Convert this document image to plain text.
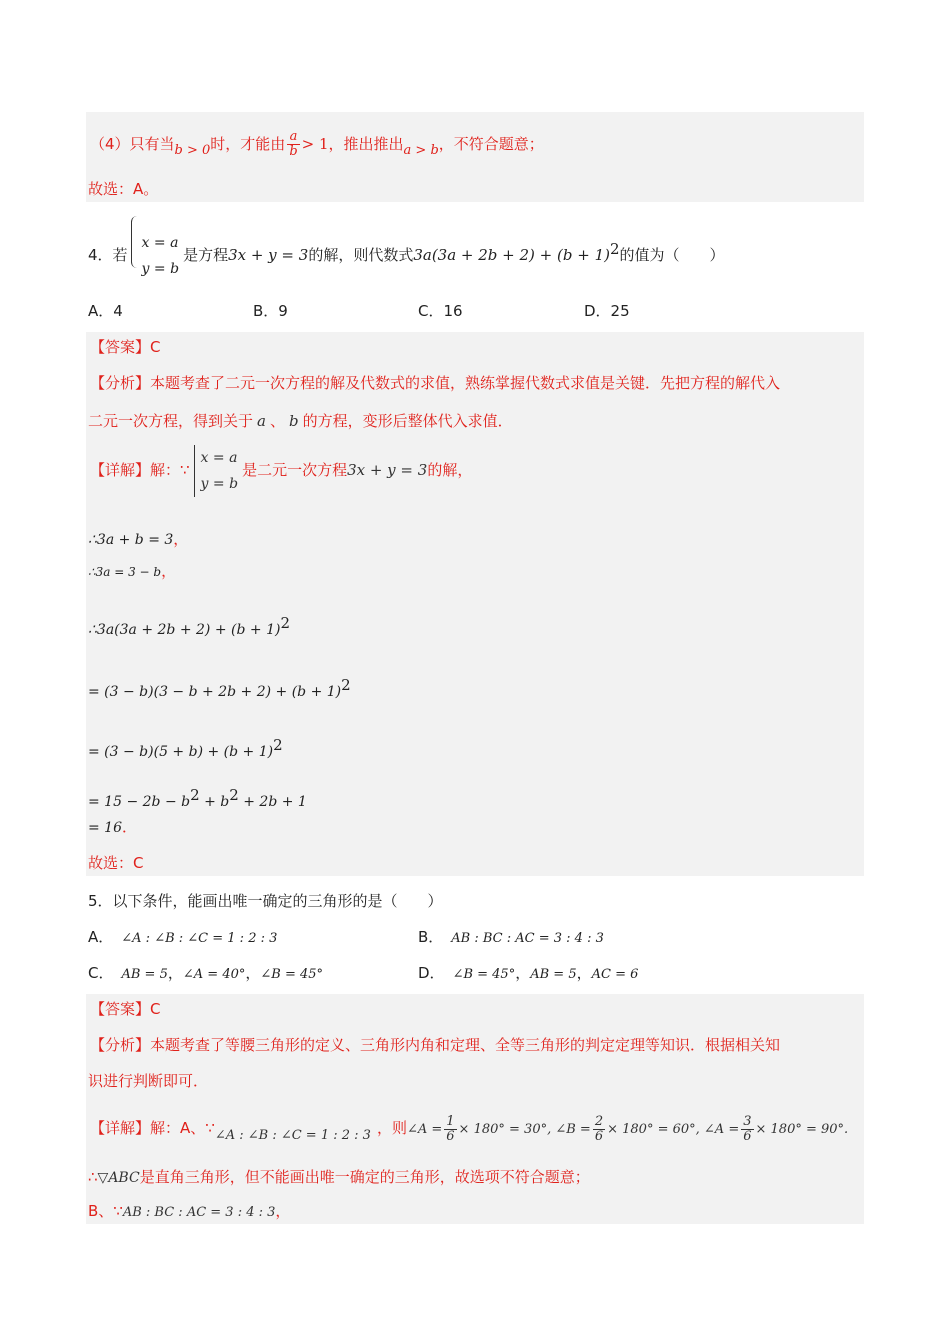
（4）只有当b > 0时，才能由 $\frac{a}{b} > 1$，推出推出a > b，不符合题意；
故选：A。
4．若
x = a
y = b
是方程3x + y = 3的解，则代数式$3a(3a + 2b + 2) + (b + 1)^2$的值为（　　）
A．4	B．9	C．16	D．25
【答案】C
【分析】本题考查了二元一次方程的解及代数式的求值，熟练掌握代数式求值是关键．先把方程的解代入
二元一次方程，得到关于 a 、 b 的方程，变形后整体代入求值．
【详解】解：∵
x = a
y = b
是二元一次方程3x + y = 3的解，
∴3a + b = 3，
∴3a = 3 − b，
∴3a(3a + $2b + 2) + (b + 1)^2$
= $(3 - b)(3 - b + 2b + 2) + (b + 1)^2$
= $(3 - b)(5 + b) + (b + 1)^2$
= $15 - 2b - b^2 + b^2 + 2b + 1$
= 16．
故选：C
5．以下条件，能画出唯一确定的三角形的是（　　）
A． ∠A : ∠B : ∠C = 1 : 2 : 3	B． AB : BC : AC = 3 : 4 : 3
C． AB = 5，∠A = 40°，∠B = 45°	D． ∠B = 45°，AB = 5，AC = 6
【答案】C
【分析】本题考查了等腰三角形的定义、三角形内角和定理、全等三角形的判定定理等知识．根据相关知
识进行判断即可．
【详解】解：A、∵∠A : ∠B : ∠C = 1 : 2 : 3 ，则∠A = $\frac{1}{6} \times 180^\circ = 30^\circ$, ∠B = $\frac{2}{6} \times 180^\circ = 60^\circ$, ∠A = $\frac{3}{6} \times 180^\circ = 90^\circ$.
∴▽ABC是直角三角形，但不能画出唯一确定的三角形，故选项不符合题意；
B、∵AB : BC : AC = 3 : 4 : 3，
